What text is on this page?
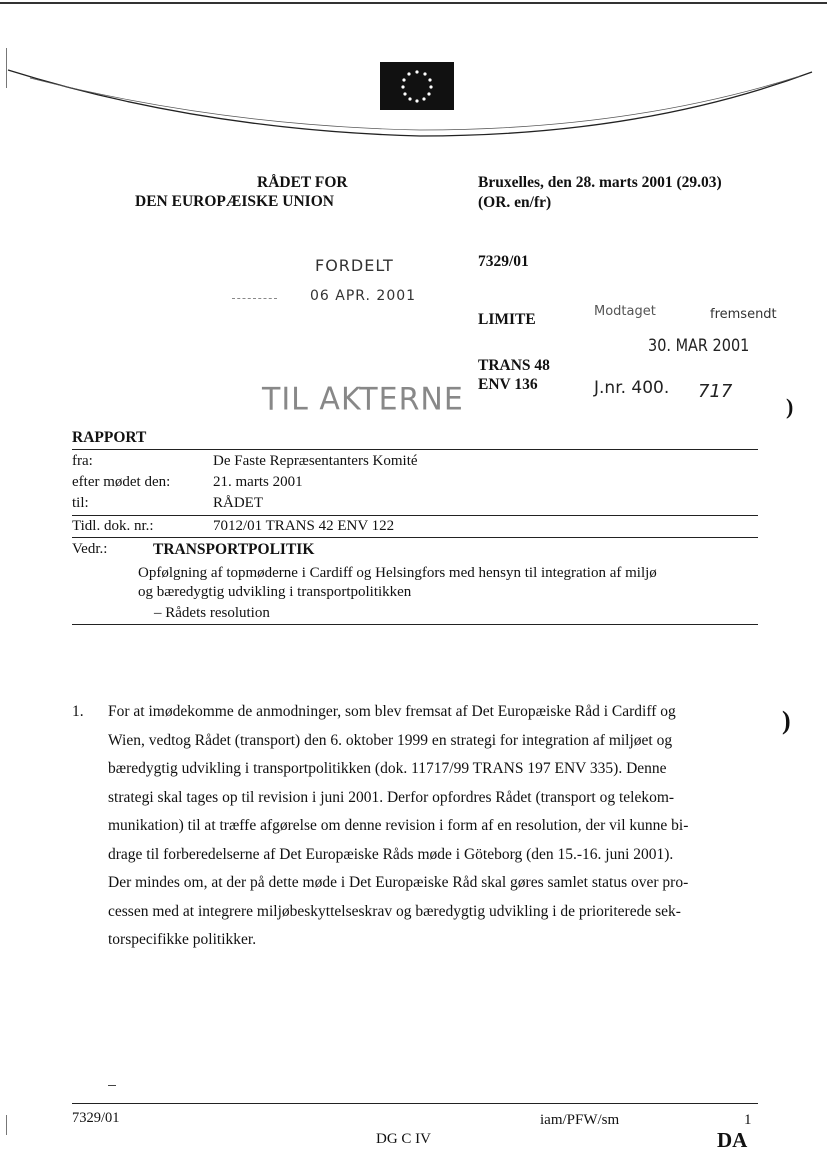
RÅDET FOR
DEN EUROPÆISKE UNION
Bruxelles, den 28. marts 2001 (29.03)
(OR. en/fr)
7329/01
LIMITE
TRANS 48
ENV 136
FORDELT
06 APR. 2001
TIL AKTERNE
Modtaget	fremsendt
30. MAR 2001
J.nr. 400. 717
)
)
RAPPORT
fra:	De Faste Repræsentanters Komité
efter mødet den:	21. marts 2001
til:	RÅDET
Tidl. dok. nr.:	7012/01 TRANS 42 ENV 122
Vedr.:	TRANSPORTPOLITIK
Opfølgning af topmøderne i Cardiff og Helsingfors med hensyn til integration af miljø
og bæredygtig udvikling i transportpolitikken
– Rådets resolution
1. For at imødekomme de anmodninger, som blev fremsat af Det Europæiske Råd i Cardiff og
Wien, vedtog Rådet (transport) den 6. oktober 1999 en strategi for integration af miljøet og
bæredygtig udvikling i transportpolitikken (dok. 11717/99 TRANS 197 ENV 335). Denne
strategi skal tages op til revision i juni 2001. Derfor opfordres Rådet (transport og telekom-
munikation) til at træffe afgørelse om denne revision i form af en resolution, der vil kunne bi-
drage til forberedelserne af Det Europæiske Råds møde i Göteborg (den 15.-16. juni 2001).
Der mindes om, at der på dette møde i Det Europæiske Råd skal gøres samlet status over pro-
cessen med at integrere miljøbeskyttelseskrav og bæredygtig udvikling i de prioriterede sek-
torspecifikke politikker.
7329/01	iam/PFW/sm	1
DG C IV	DA
